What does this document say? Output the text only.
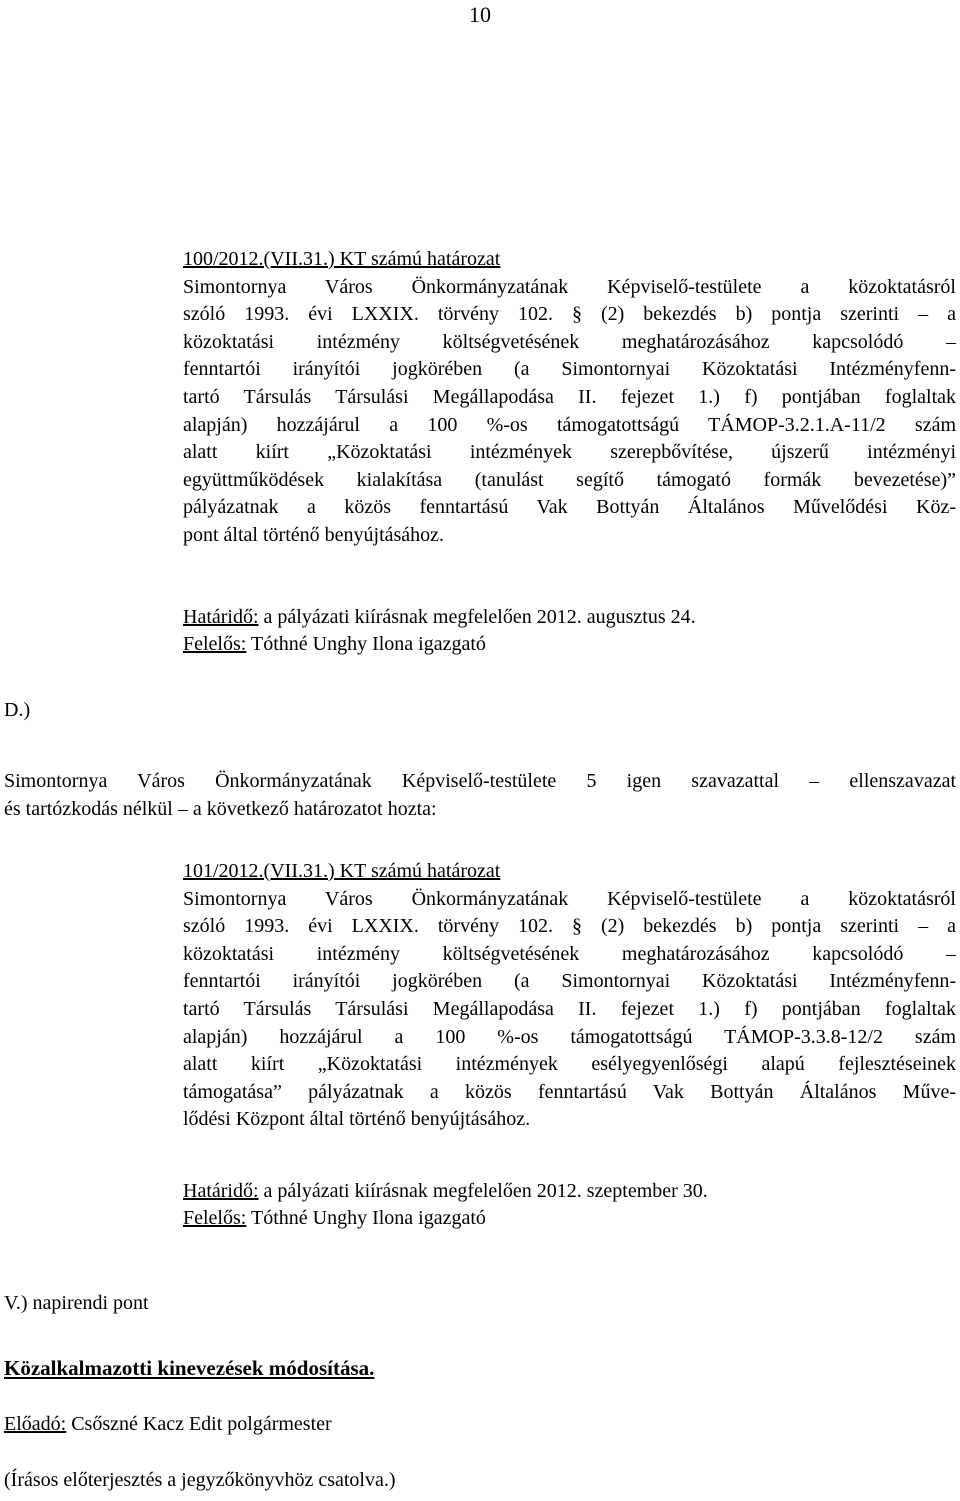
10
100/2012.(VII.31.) KT számú határozat
Simontornya Város Önkormányzatának Képviselő-testülete a közoktatásról
szóló 1993. évi LXXIX. törvény 102. § (2) bekezdés b) pontja szerinti – a
közoktatási intézmény költségvetésének meghatározásához kapcsolódó –
fenntartói irányítói jogkörében (a Simontornyai Közoktatási Intézményfenn-
tartó Társulás Társulási Megállapodása II. fejezet 1.) f) pontjában foglaltak
alapján) hozzájárul a 100 %-os támogatottságú TÁMOP-3.2.1.A-11/2 szám
alatt kiírt „Közoktatási intézmények szerepbővítése, újszerű intézményi
együttműködések kialakítása (tanulást segítő támogató formák bevezetése)”
pályázatnak a közös fenntartású Vak Bottyán Általános Művelődési Köz-
pont által történő benyújtásához.
Határidő: a pályázati kiírásnak megfelelően 2012. augusztus 24.
Felelős: Tóthné Unghy Ilona igazgató
D.)
Simontornya Város Önkormányzatának Képviselő-testülete 5 igen szavazattal – ellenszavazat
és tartózkodás nélkül – a következő határozatot hozta:
101/2012.(VII.31.) KT számú határozat
Simontornya Város Önkormányzatának Képviselő-testülete a közoktatásról
szóló 1993. évi LXXIX. törvény 102. § (2) bekezdés b) pontja szerinti – a
közoktatási intézmény költségvetésének meghatározásához kapcsolódó –
fenntartói irányítói jogkörében (a Simontornyai Közoktatási Intézményfenn-
tartó Társulás Társulási Megállapodása II. fejezet 1.) f) pontjában foglaltak
alapján) hozzájárul a 100 %-os támogatottságú TÁMOP-3.3.8-12/2 szám
alatt kiírt „Közoktatási intézmények esélyegyenlőségi alapú fejlesztéseinek
támogatása” pályázatnak a közös fenntartású Vak Bottyán Általános Műve-
lődési Központ által történő benyújtásához.
Határidő: a pályázati kiírásnak megfelelően 2012. szeptember 30.
Felelős: Tóthné Unghy Ilona igazgató
V.) napirendi pont
Közalkalmazotti kinevezések módosítása.
Előadó: Csőszné Kacz Edit polgármester
(Írásos előterjesztés a jegyzőkönyvhöz csatolva.)
